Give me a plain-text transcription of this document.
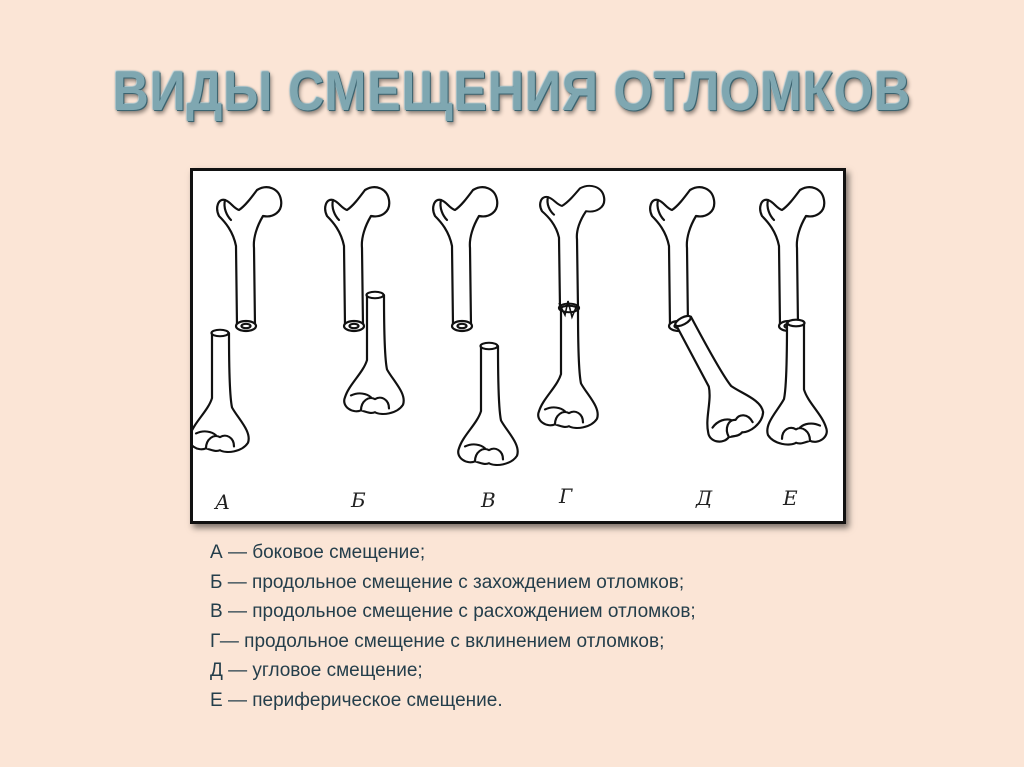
ВИДЫ СМЕЩЕНИЯ ОТЛОМКОВ
А	Б	В	Г	Д	Е
А — боковое смещение;
Б — продольное смещение с захождением отломков;
В — продольное смещение с расхождением отломков;
Г— продольное смещение с вклинением отломков;
Д — угловое смещение;
Е — периферическое смещение.
